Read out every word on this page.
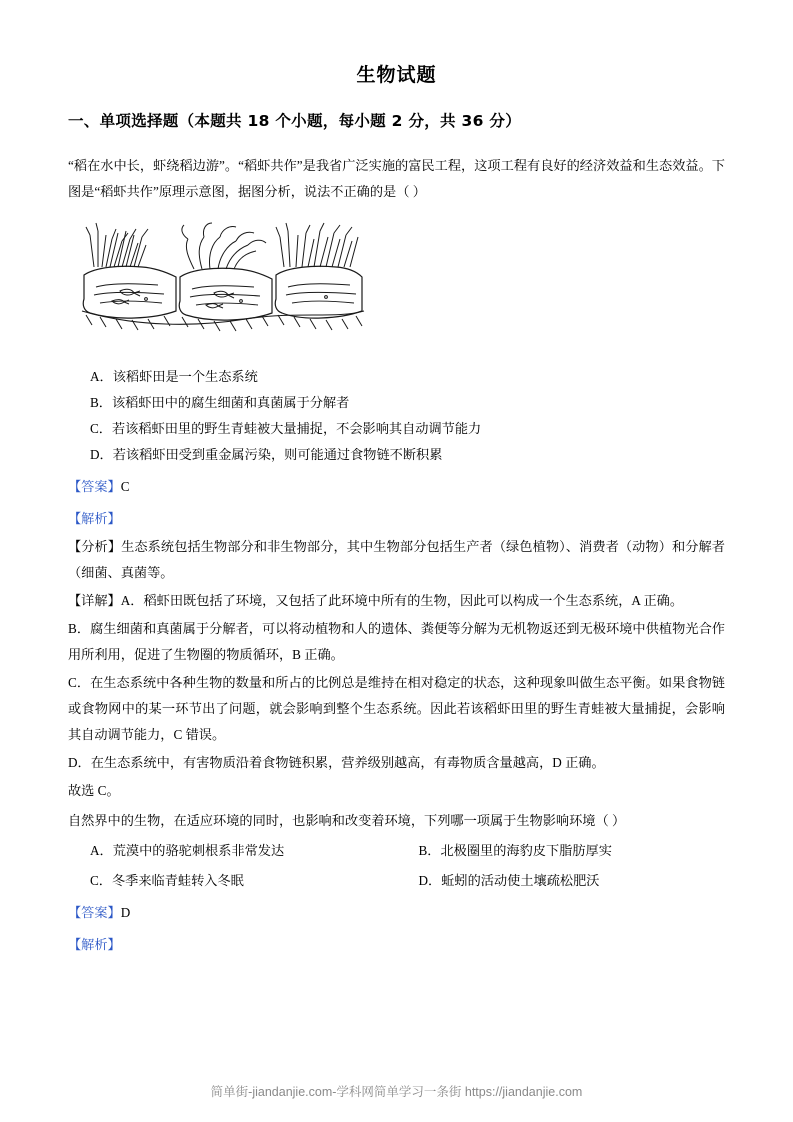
生物试题
一、单项选择题（本题共 18 个小题，每小题 2 分，共 36 分）
“稻在水中长，虾绕稻边游”。“稻虾共作”是我省广泛实施的富民工程，这项工程有良好的经济效益和生态效益。下图是“稻虾共作”原理示意图，据图分析，说法不正确的是（ ）
A．该稻虾田是一个生态系统
B．该稻虾田中的腐生细菌和真菌属于分解者
C．若该稻虾田里的野生青蛙被大量捕捉，不会影响其自动调节能力
D．若该稻虾田受到重金属污染，则可能通过食物链不断积累
【答案】C
【解析】
【分析】生态系统包括生物部分和非生物部分，其中生物部分包括生产者（绿色植物）、消费者（动物）和分解者（细菌、真菌等。
【详解】A．稻虾田既包括了环境，又包括了此环境中所有的生物，因此可以构成一个生态系统，A 正确。
B．腐生细菌和真菌属于分解者，可以将动植物和人的遗体、粪便等分解为无机物返还到无极环境中供植物光合作用所利用，促进了生物圈的物质循环，B 正确。
C．在生态系统中各种生物的数量和所占的比例总是维持在相对稳定的状态，这种现象叫做生态平衡。如果食物链或食物网中的某一环节出了问题，就会影响到整个生态系统。因此若该稻虾田里的野生青蛙被大量捕捉，会影响其自动调节能力，C 错误。
D．在生态系统中，有害物质沿着食物链积累，营养级别越高，有毒物质含量越高，D 正确。
故选 C。
自然界中的生物，在适应环境的同时，也影响和改变着环境，下列哪一项属于生物影响环境（ ）
A．荒漠中的骆驼刺根系非常发达	B．北极圈里的海豹皮下脂肪厚实
C．冬季来临青蛙转入冬眠	D．蚯蚓的活动使土壤疏松肥沃
【答案】D
【解析】
简单街-jiandanjie.com-学科网简单学习一条街 https://jiandanjie.com
